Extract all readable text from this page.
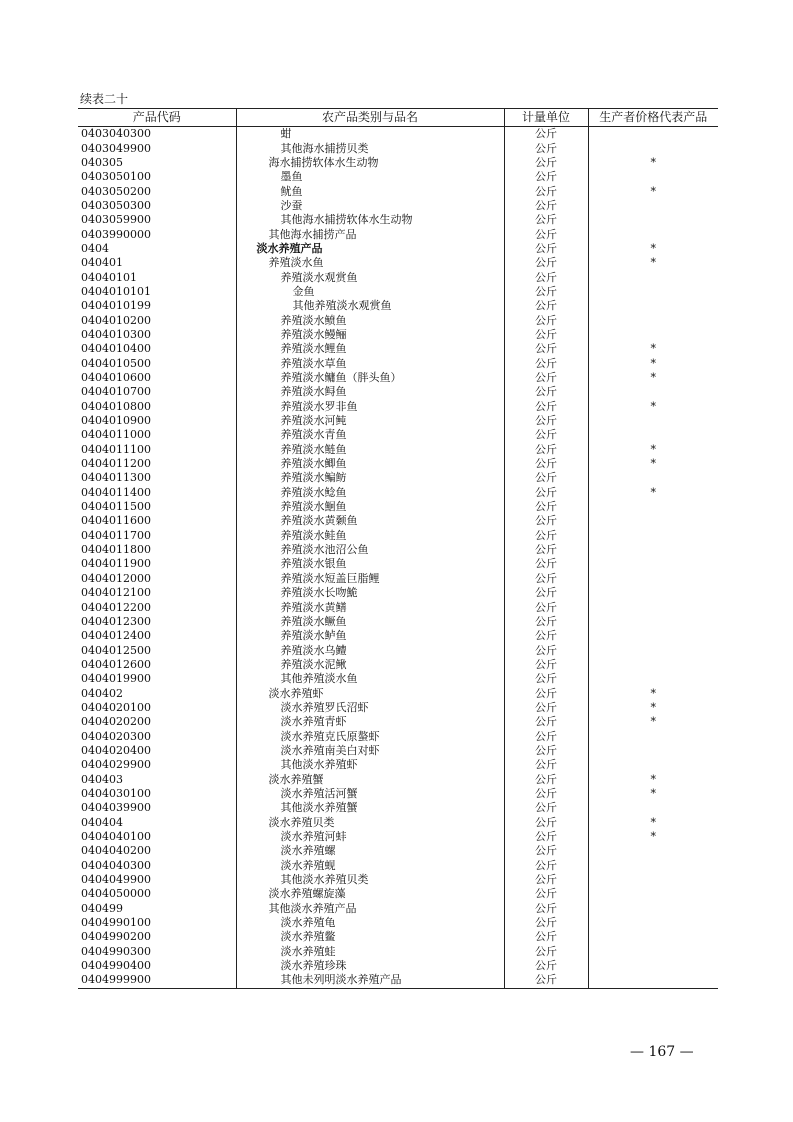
续表二十
产品代码	农产品类别与品名	计量单位	生产者价格代表产品
0403040300	蚶	公斤	
0403049900	其他海水捕捞贝类	公斤	
040305	海水捕捞软体水生动物	公斤	*
0403050100	墨鱼	公斤	
0403050200	鱿鱼	公斤	*
0403050300	沙蚕	公斤	
0403059900	其他海水捕捞软体水生动物	公斤	
0403990000	其他海水捕捞产品	公斤	
0404	淡水养殖产品	公斤	*
040401	养殖淡水鱼	公斤	*
04040101	养殖淡水观赏鱼	公斤	
0404010101	金鱼	公斤	
0404010199	其他养殖淡水观赏鱼	公斤	
0404010200	养殖淡水鲼鱼	公斤	
0404010300	养殖淡水鳗鲡	公斤	
0404010400	养殖淡水鲤鱼	公斤	*
0404010500	养殖淡水草鱼	公斤	*
0404010600	养殖淡水鳙鱼（胖头鱼）	公斤	*
0404010700	养殖淡水鲟鱼	公斤	
0404010800	养殖淡水罗非鱼	公斤	*
0404010900	养殖淡水河鲀	公斤	
0404011000	养殖淡水青鱼	公斤	
0404011100	养殖淡水鲢鱼	公斤	*
0404011200	养殖淡水鲫鱼	公斤	*
0404011300	养殖淡水鳊鲂	公斤	
0404011400	养殖淡水鲶鱼	公斤	*
0404011500	养殖淡水鮰鱼	公斤	
0404011600	养殖淡水黄颡鱼	公斤	
0404011700	养殖淡水鲑鱼	公斤	
0404011800	养殖淡水池沼公鱼	公斤	
0404011900	养殖淡水银鱼	公斤	
0404012000	养殖淡水短盖巨脂鲤	公斤	
0404012100	养殖淡水长吻鮠	公斤	
0404012200	养殖淡水黄鳝	公斤	
0404012300	养殖淡水鳜鱼	公斤	
0404012400	养殖淡水鲈鱼	公斤	
0404012500	养殖淡水乌鳢	公斤	
0404012600	养殖淡水泥鳅	公斤	
0404019900	其他养殖淡水鱼	公斤	
040402	淡水养殖虾	公斤	*
0404020100	淡水养殖罗氏沼虾	公斤	*
0404020200	淡水养殖青虾	公斤	*
0404020300	淡水养殖克氏原螯虾	公斤	
0404020400	淡水养殖南美白对虾	公斤	
0404029900	其他淡水养殖虾	公斤	
040403	淡水养殖蟹	公斤	*
0404030100	淡水养殖活河蟹	公斤	*
0404039900	其他淡水养殖蟹	公斤	
040404	淡水养殖贝类	公斤	*
0404040100	淡水养殖河蚌	公斤	*
0404040200	淡水养殖螺	公斤	
0404040300	淡水养殖蚬	公斤	
0404049900	其他淡水养殖贝类	公斤	
0404050000	淡水养殖螺旋藻	公斤	
040499	其他淡水养殖产品	公斤	
0404990100	淡水养殖龟	公斤	
0404990200	淡水养殖鳖	公斤	
0404990300	淡水养殖蛙	公斤	
0404990400	淡水养殖珍珠	公斤	
0404999900	其他未列明淡水养殖产品	公斤	
— 167 —
